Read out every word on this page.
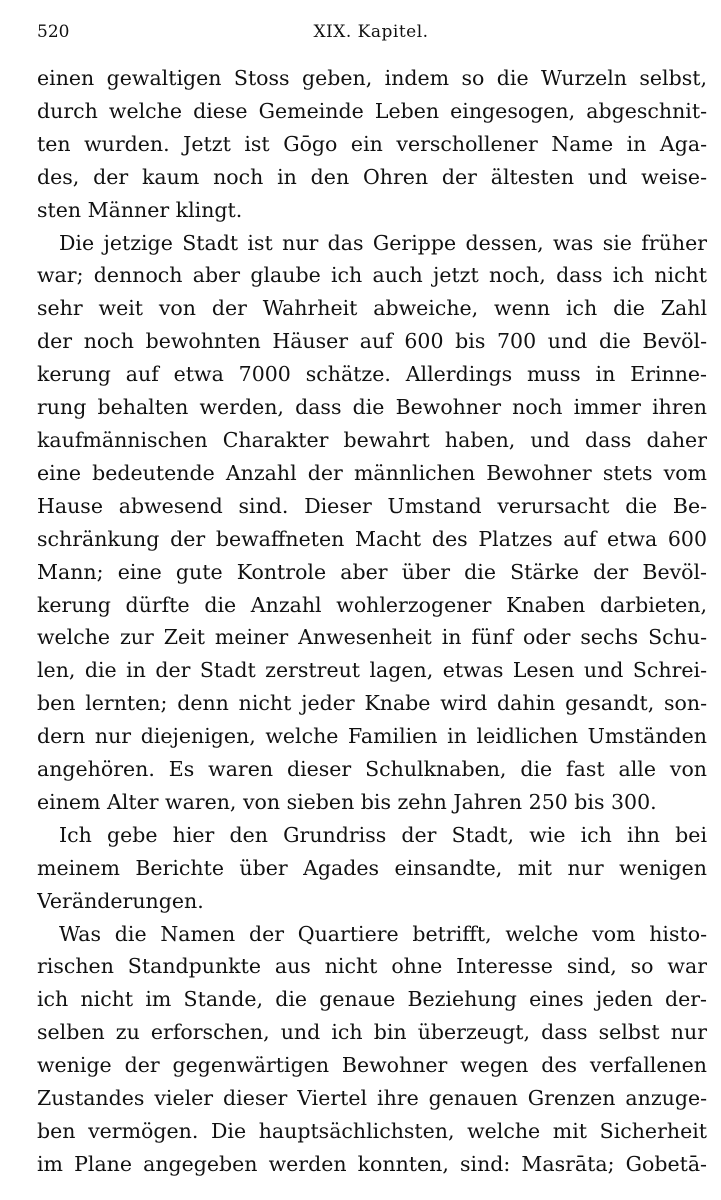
520	XIX. Kapitel.
einen gewaltigen Stoss geben, indem so die Wurzeln selbst,
durch welche diese Gemeinde Leben eingesogen, abgeschnit-
ten wurden. Jetzt ist Gōgo ein verschollener Name in Aga-
des, der kaum noch in den Ohren der ältesten und weise-
sten Männer klingt.
Die jetzige Stadt ist nur das Gerippe dessen, was sie früher
war; dennoch aber glaube ich auch jetzt noch, dass ich nicht
sehr weit von der Wahrheit abweiche, wenn ich die Zahl
der noch bewohnten Häuser auf 600 bis 700 und die Bevöl-
kerung auf etwa 7000 schätze. Allerdings muss in Erinne-
rung behalten werden, dass die Bewohner noch immer ihren
kaufmännischen Charakter bewahrt haben, und dass daher
eine bedeutende Anzahl der männlichen Bewohner stets vom
Hause abwesend sind. Dieser Umstand verursacht die Be-
schränkung der bewaffneten Macht des Platzes auf etwa 600
Mann; eine gute Kontrole aber über die Stärke der Bevöl-
kerung dürfte die Anzahl wohlerzogener Knaben darbieten,
welche zur Zeit meiner Anwesenheit in fünf oder sechs Schu-
len, die in der Stadt zerstreut lagen, etwas Lesen und Schrei-
ben lernten; denn nicht jeder Knabe wird dahin gesandt, son-
dern nur diejenigen, welche Familien in leidlichen Umständen
angehören. Es waren dieser Schulknaben, die fast alle von
einem Alter waren, von sieben bis zehn Jahren 250 bis 300.
Ich gebe hier den Grundriss der Stadt, wie ich ihn bei
meinem Berichte über Agades einsandte, mit nur wenigen
Veränderungen.
Was die Namen der Quartiere betrifft, welche vom histo-
rischen Standpunkte aus nicht ohne Interesse sind, so war
ich nicht im Stande, die genaue Beziehung eines jeden der-
selben zu erforschen, und ich bin überzeugt, dass selbst nur
wenige der gegenwärtigen Bewohner wegen des verfallenen
Zustandes vieler dieser Viertel ihre genauen Grenzen anzuge-
ben vermögen. Die hauptsächlichsten, welche mit Sicherheit
im Plane angegeben werden konnten, sind: Masrāta; Gobetā-
